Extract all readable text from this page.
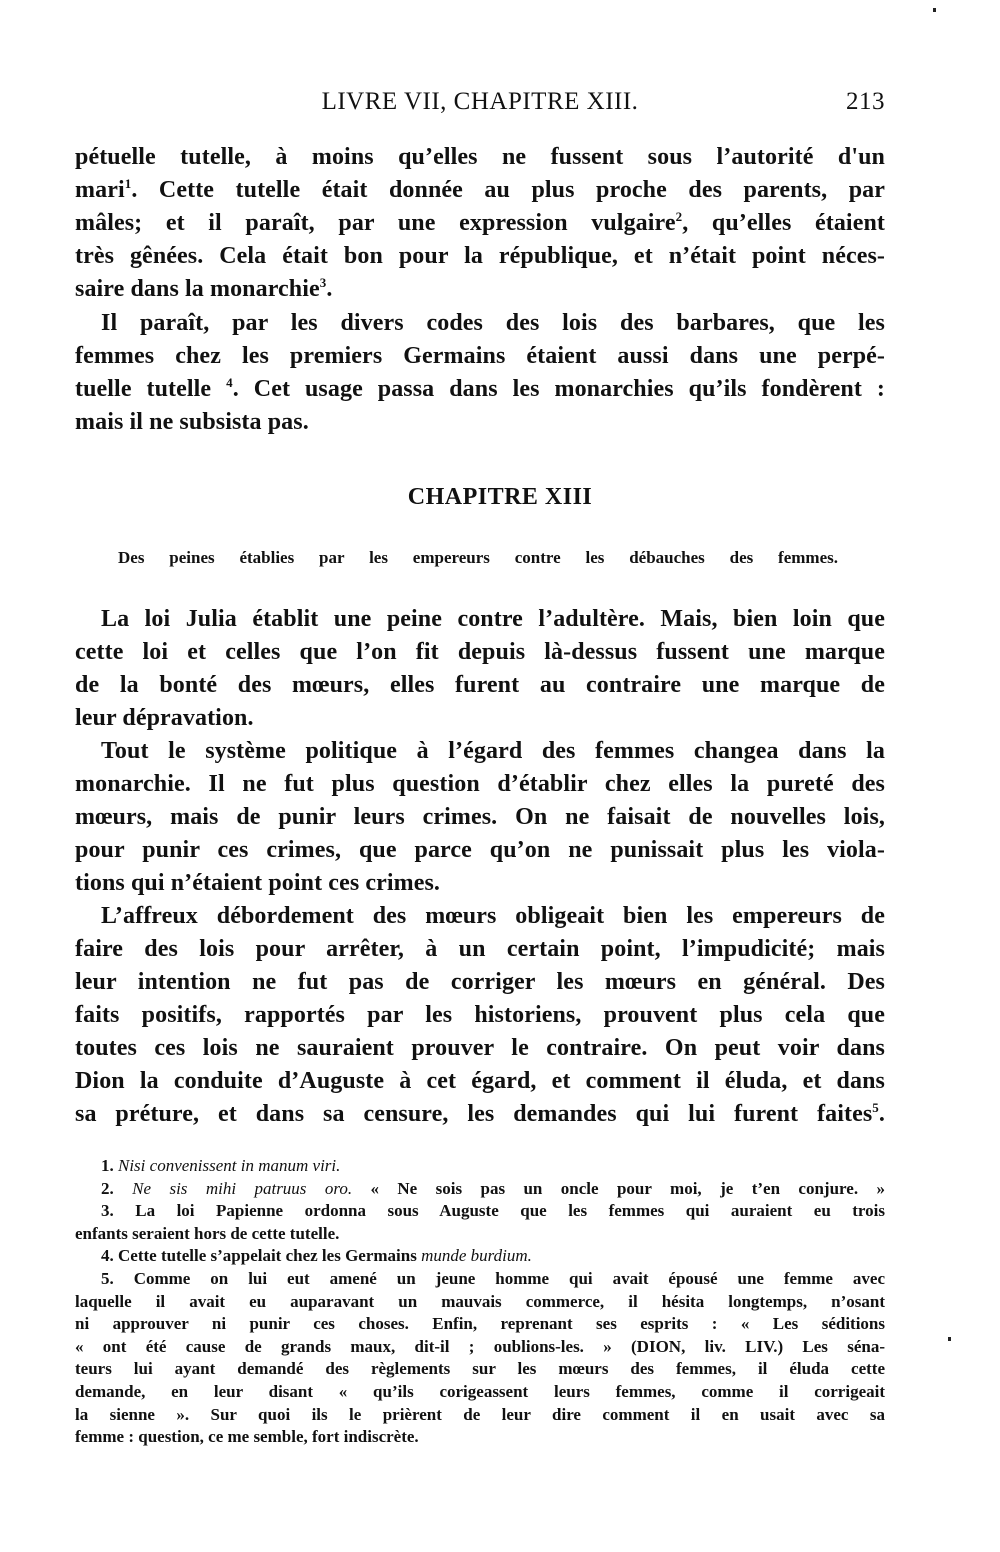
LIVRE VII, CHAPITRE XIII.	213
pétuelle tutelle, à moins qu’elles ne fussent sous l’autorité d'un
mari$^1$. Cette tutelle était donnée au plus proche des parents, par
mâles; et il paraît, par une expression vulgaire$^2$, qu’elles étaient
très gênées. Cela était bon pour la république, et n’était point néces-
saire dans la monarchie$^3$.
Il paraît, par les divers codes des lois des barbares, que les
femmes chez les premiers Germains étaient aussi dans une perpé-
tuelle tutelle $^4$. Cet usage passa dans les monarchies qu’ils fondèrent :
mais il ne subsista pas.
CHAPITRE XIII
Des peines établies par les empereurs contre les débauches des femmes.
La loi Julia établit une peine contre l’adultère. Mais, bien loin que
cette loi et celles que l’on fit depuis là-dessus fussent une marque
de la bonté des mœurs, elles furent au contraire une marque de
leur dépravation.
Tout le système politique à l’égard des femmes changea dans la
monarchie. Il ne fut plus question d’établir chez elles la pureté des
mœurs, mais de punir leurs crimes. On ne faisait de nouvelles lois,
pour punir ces crimes, que parce qu’on ne punissait plus les viola-
tions qui n’étaient point ces crimes.
L’affreux débordement des mœurs obligeait bien les empereurs de
faire des lois pour arrêter, à un certain point, l’impudicité; mais
leur intention ne fut pas de corriger les mœurs en général. Des
faits positifs, rapportés par les historiens, prouvent plus cela que
toutes ces lois ne sauraient prouver le contraire. On peut voir dans
Dion la conduite d’Auguste à cet égard, et comment il éluda, et dans
sa préture, et dans sa censure, les demandes qui lui furent faites$^5$.
1. Nisi convenissent in manum viri.
2. Ne sis mihi patruus oro. « Ne sois pas un oncle pour moi, je t’en conjure. »
3. La loi Papienne ordonna sous Auguste que les femmes qui auraient eu trois
enfants seraient hors de cette tutelle.
4. Cette tutelle s’appelait chez les Germains munde burdium.
5. Comme on lui eut amené un jeune homme qui avait épousé une femme avec
laquelle il avait eu auparavant un mauvais commerce, il hésita longtemps, n’osant
ni approuver ni punir ces choses. Enfin, reprenant ses esprits : « Les séditions
« ont été cause de grands maux, dit-il ; oublions-les. » (DION, liv. LIV.) Les séna-
teurs lui ayant demandé des règlements sur les mœurs des femmes, il éluda cette
demande, en leur disant « qu’ils corigeassent leurs femmes, comme il corrigeait
la sienne ». Sur quoi ils le prièrent de leur dire comment il en usait avec sa
femme : question, ce me semble, fort indiscrète.
